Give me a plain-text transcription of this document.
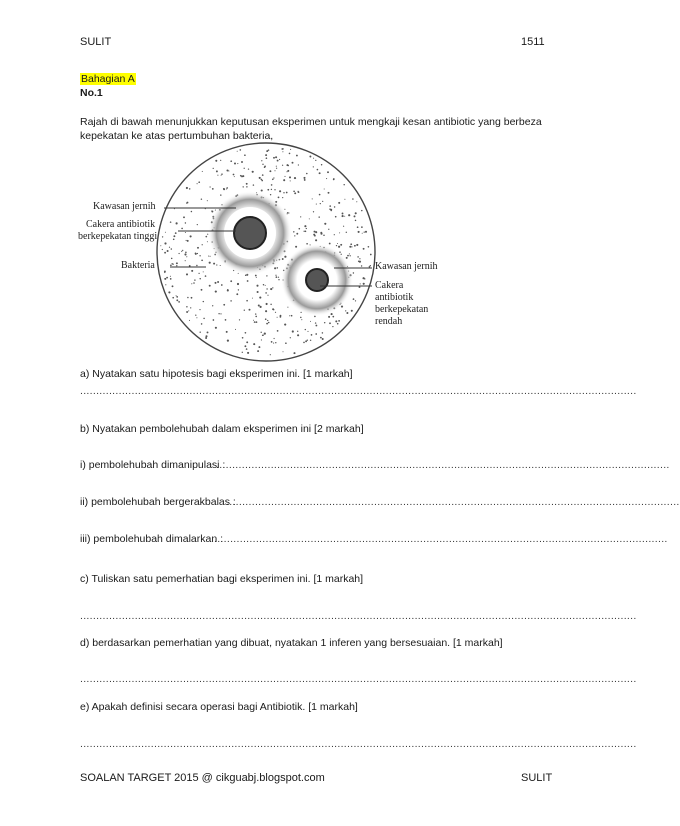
SULIT	1511
Bahagian A
No.1
Rajah di bawah menunjukkan keputusan eksperimen untuk mengkaji kesan antibiotic yang berbeza kepekatan ke atas pertumbuhan bakteria,
Kawasan jernih
Cakera antibiotik
berkepekatan tinggi
Bakteria	Kawasan jernih
Cakera
antibiotik
berkepekatan
rendah
a) Nyatakan satu hipotesis bagi eksperimen ini. [1 markah]
.............................................................................................................................................................................
b) Nyatakan pembolehubah dalam eksperimen ini [2 markah]
i) pembolehubah dimanipulasi :
.............................................................................................................................................
ii) pembolehubah bergerakbalas :
.............................................................................................................................................
iii) pembolehubah dimalarkan :
.............................................................................................................................................
c) Tuliskan satu pemerhatian bagi eksperimen ini. [1 markah]
.............................................................................................................................................................................
d) berdasarkan pemerhatian yang dibuat, nyatakan 1 inferen yang bersesuaian. [1 markah]
.............................................................................................................................................................................
e) Apakah definisi secara operasi bagi Antibiotik. [1 markah]
.............................................................................................................................................................................
SOALAN TARGET 2015 @ cikguabj.blogspot.com	SULIT
